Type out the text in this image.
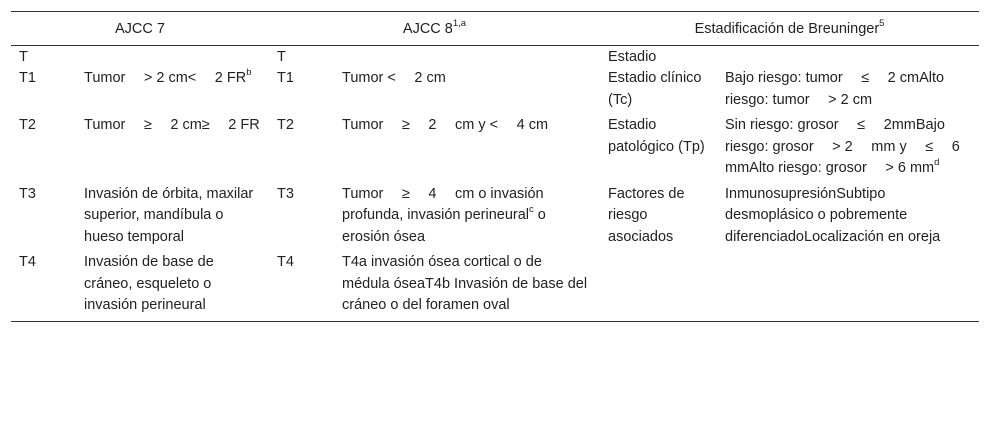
AJCC 7		AJCC 8$^{1,a}$		Estadificación de Breuninger$^5$
T		T		Estadio	
T1	Tumor  > 2 cm<  2 $FR^b$	T1	Tumor <  2 cm	Estadio clínico (Tc)	Bajo riesgo: tumor  ≤  2 cmAlto riesgo: tumor  > 2 cm
T2	Tumor  ≥  2 cm≥  2 FR	T2	Tumor  ≥  2  cm y <  4 cm	Estadio patológico (Tp)	Sin riesgo: grosor  ≤  2mmBajo riesgo: grosor  > 2  mm y  ≤  6 mmAlto riesgo: grosor  > 6 $mm^d$
T3	Invasión de órbita, maxilar superior, mandíbula o hueso temporal	T3	Tumor  ≥  4  cm o invasión profunda, invasión perineural$^c$ o erosión ósea	Factores de riesgo asociados	InmunosupresiónSubtipo desmoplásico o pobremente diferenciadoLocalización en oreja
T4	Invasión de base de cráneo, esqueleto o invasión perineural	T4	T4a invasión ósea cortical o de médula óseaT4b Invasión de base del cráneo o del foramen oval		
